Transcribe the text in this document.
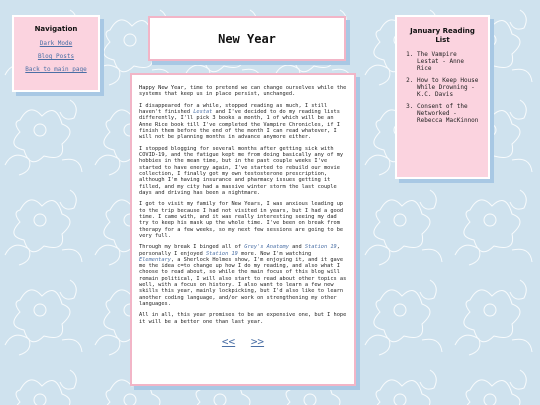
Navigation
Dark Mode
Blog Posts
Back to main page
New Year

Happy New Year, time to pretend we can change ourselves while the systems that keep us in place persist, unchanged.

I disappeared for a while, stopped reading as much, I still haven't finished Lestat and I've decided to do my reading lists differently, I'll pick 3 books a month, 1 of which will be an Anne Rice book till I've completed the Vampire Chronicles, if I finish them before the end of the month I can read whatever, I will not be planning months in advance anymore either.

I stopped blogging for several months after getting sick with COVID-19, and the fatigue kept me from doing basically any of my hobbies in the mean time, but in the past couple weeks I've started to have energy again, I've started to rebuild our movie collection, I finally got my own testosterone prescription, although I'm having insurance and pharmacy issues getting it filled, and my city had a massive winter storm the last couple days and driving has been a nightmare.

I got to visit my family for New Years, I was anxious leading up to the trip because I had not visited in years, but I had a good time. I came with, and it was really interesting seeing my dad try to keep his mask up the whole time. I've been on break from therapy for a few weeks, so my next few sessions are going to be very full.

Through my break I binged all of Grey's Anatomy and Station 19, personally I enjoyed Station 19 more. Now I'm watching Elementary, a Sherlock Holmes show, I'm enjoying it, and it gave me the idea c=to change up how I do my reading, and also what I choose to read about, so while the main focus of this blog will remain political, I will also start to read about other topics as well, with a focus on history. I also want to learn a few new skills this year, mainly lockpicking, but I'd also like to learn another coding language, and/or work on strengthening my other languages.

All in all, this year promises to be an expensive one, but I hope it will be a better one than last year.

<< >>
January Reading List
1. The Vampire Lestat - Anne Rice
2. How to Keep House While Drowning - K.C. Davis
3. Consent of the Networked - Rebecca MacKinnon
